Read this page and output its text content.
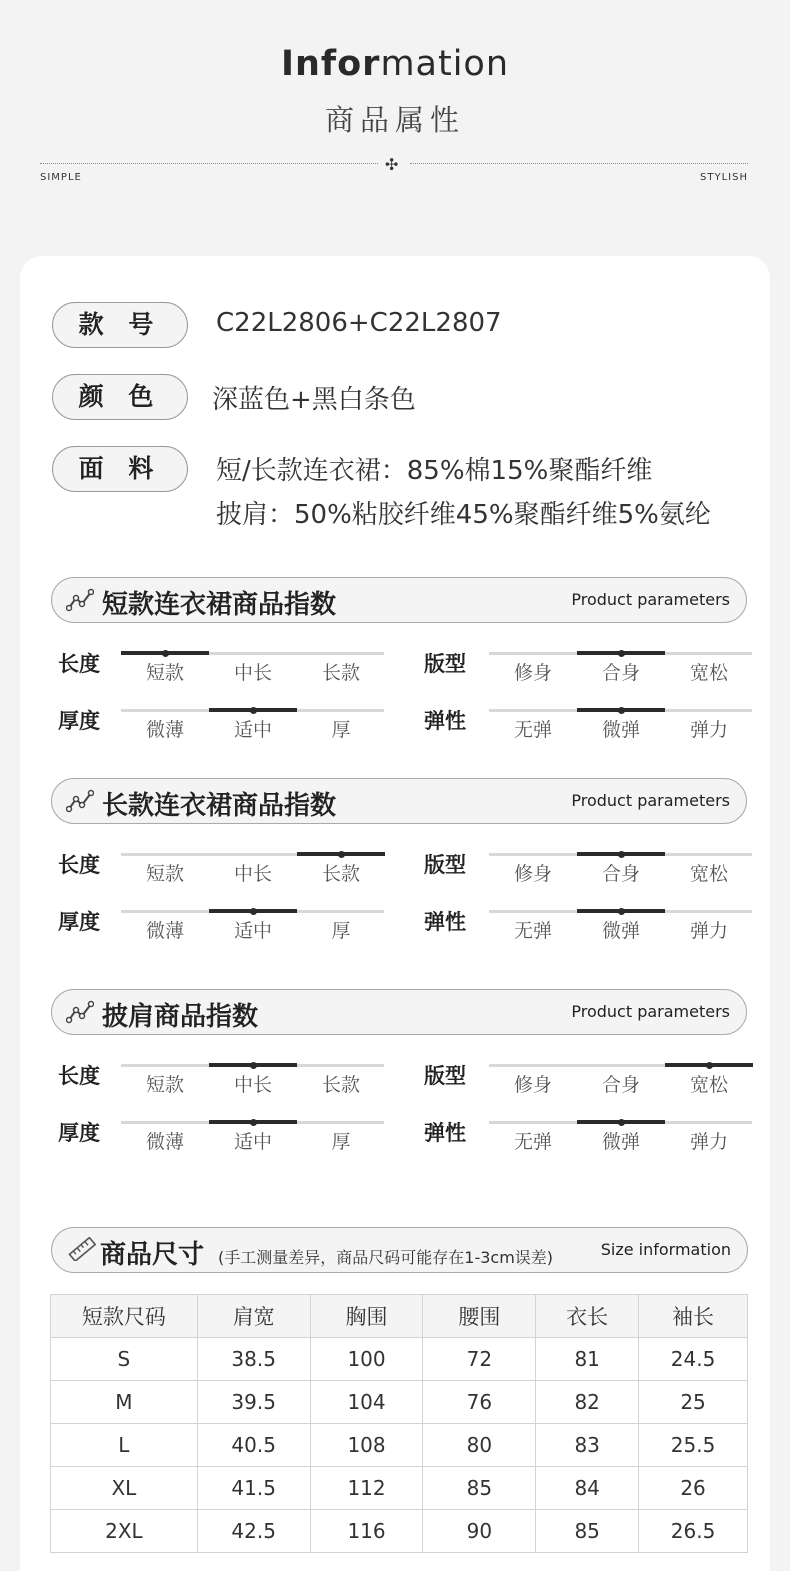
Information
商品属性
✣
SIMPLE	STYLISH
款 号	C22L2806+C22L2807
颜 色	深蓝色+黑白条色
面 料	短/长款连衣裙：85%棉15%聚酯纤维
披肩：50%粘胶纤维45%聚酯纤维5%氨纶
短款连衣裙商品指数	Product parameters
长款连衣裙商品指数	Product parameters
披肩商品指数	Product parameters
长度	短款	中长	长款	版型	修身	合身	宽松
厚度	微薄	适中	厚	弹性	无弹	微弹	弹力
长度	短款	中长	长款	版型	修身	合身	宽松
厚度	微薄	适中	厚	弹性	无弹	微弹	弹力
长度	短款	中长	长款	版型	修身	合身	宽松
厚度	微薄	适中	厚	弹性	无弹	微弹	弹力
商品尺寸 (手工测量差异，商品尺码可能存在1-3cm误差)	Size information
短款尺码	肩宽	胸围	腰围	衣长	袖长
S	38.5	100	72	81	24.5
M	39.5	104	76	82	25
L	40.5	108	80	83	25.5
XL	41.5	112	85	84	26
2XL	42.5	116	90	85	26.5
